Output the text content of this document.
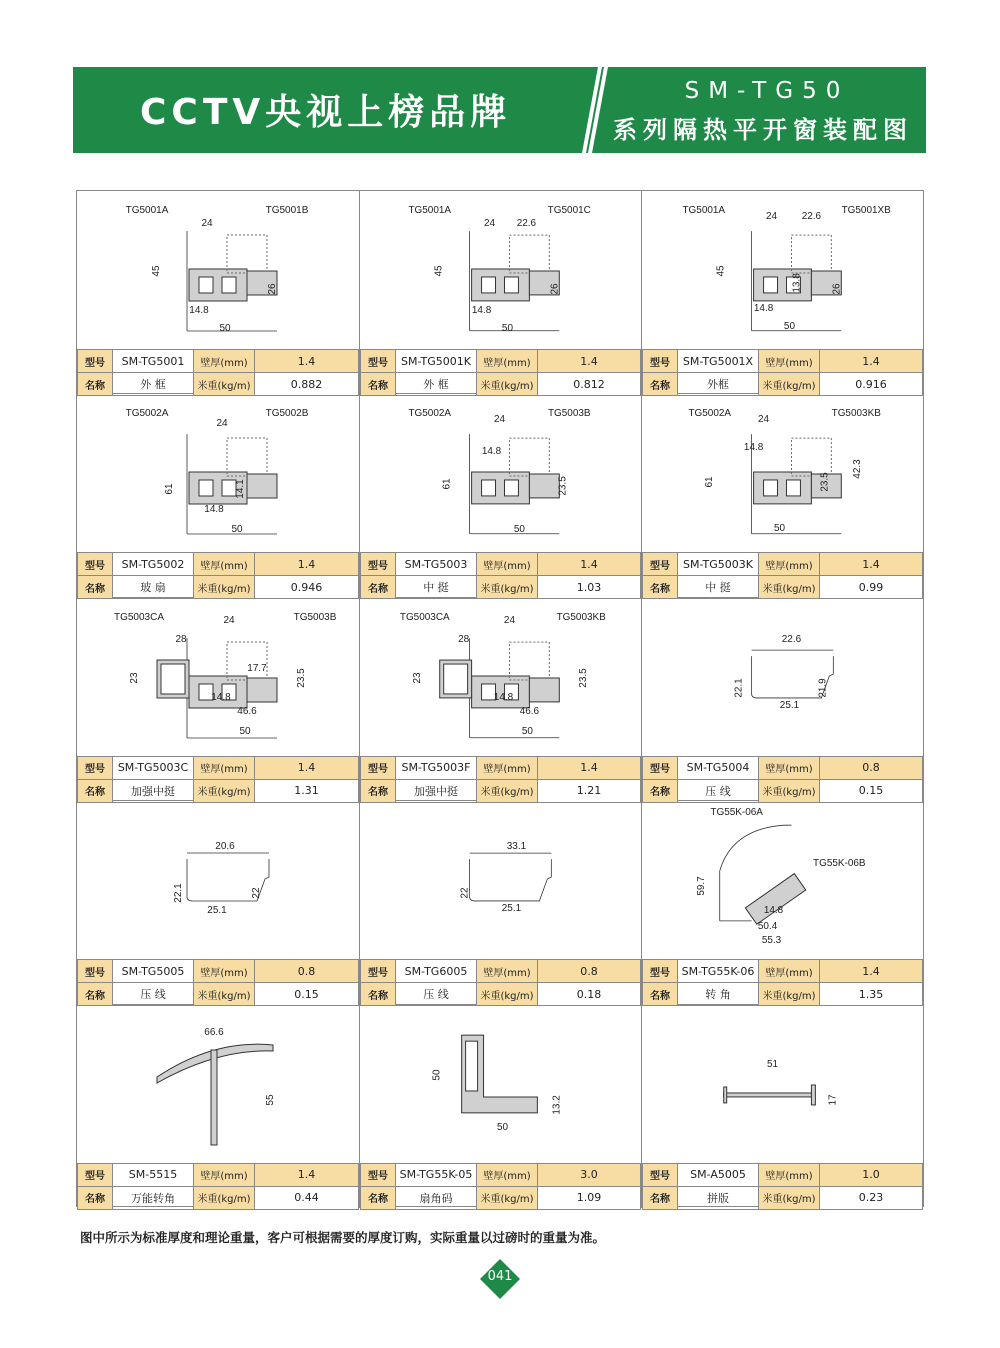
CCTV央视上榜品牌
SM-TG50
系列隔热平开窗装配图
TG5001A	TG5001B
24
45
26
14.8
50
型号	SM-TG5001	壁厚(mm)	1.4
名称	外 框	米重(kg/m)	0.882
TG5001A	TG5001C
24 22.6
45
26
14.8
50
型号	SM-TG5001K	壁厚(mm)	1.4
名称	外 框	米重(kg/m)	0.812
TG5001A	TG5001XB
24 22.6
45
13.8	26
14.8
50
型号	SM-TG5001X	壁厚(mm)	1.4
名称	外框	米重(kg/m)	0.916
TG5002A	TG5002B
24
61	14.1
14.8
50
型号	SM-TG5002	壁厚(mm)	1.4
名称	玻 扇	米重(kg/m)	0.946
TG5002A	TG5003B
24
14.8
61	23.5
50
型号	SM-TG5003	壁厚(mm)	1.4
名称	中 挺	米重(kg/m)	1.03
TG5002A	TG5003KB
24
14.8
61	23.5
42.3
50
型号	SM-TG5003K	壁厚(mm)	1.4
名称	中 挺	米重(kg/m)	0.99
TG5003CA	TG5003B
24
28
23
17.7	23.5
14.8
46.6
50
型号	SM-TG5003C	壁厚(mm)	1.4
名称	加强中挺	米重(kg/m)	1.31
TG5003CA	TG5003KB
24
28
23	23.5
14.8
46.6
50
型号	SM-TG5003F	壁厚(mm)	1.4
名称	加强中挺	米重(kg/m)	1.21
22.6
22.1	21.9
25.1
型号	SM-TG5004	壁厚(mm)	0.8
名称	压 线	米重(kg/m)	0.15
20.6
22.1	22
25.1
型号	SM-TG5005	壁厚(mm)	0.8
名称	压 线	米重(kg/m)	0.15
33.1
22
25.1
型号	SM-TG6005	壁厚(mm)	0.8
名称	压 线	米重(kg/m)	0.18
TG55K-06A
TG55K-06B
59.7
14.8
50.4
55.3
型号	SM-TG55K-06	壁厚(mm)	1.4
名称	转 角	米重(kg/m)	1.35
66.6
55
型号	SM-5515	壁厚(mm)	1.4
名称	万能转角	米重(kg/m)	0.44
50
13.2
50
型号	SM-TG55K-05	壁厚(mm)	3.0
名称	扇角码	米重(kg/m)	1.09
51
17
型号	SM-A5005	壁厚(mm)	1.0
名称	拼版	米重(kg/m)	0.23
图中所示为标准厚度和理论重量，客户可根据需要的厚度订购，实际重量以过磅时的重量为准。
041
